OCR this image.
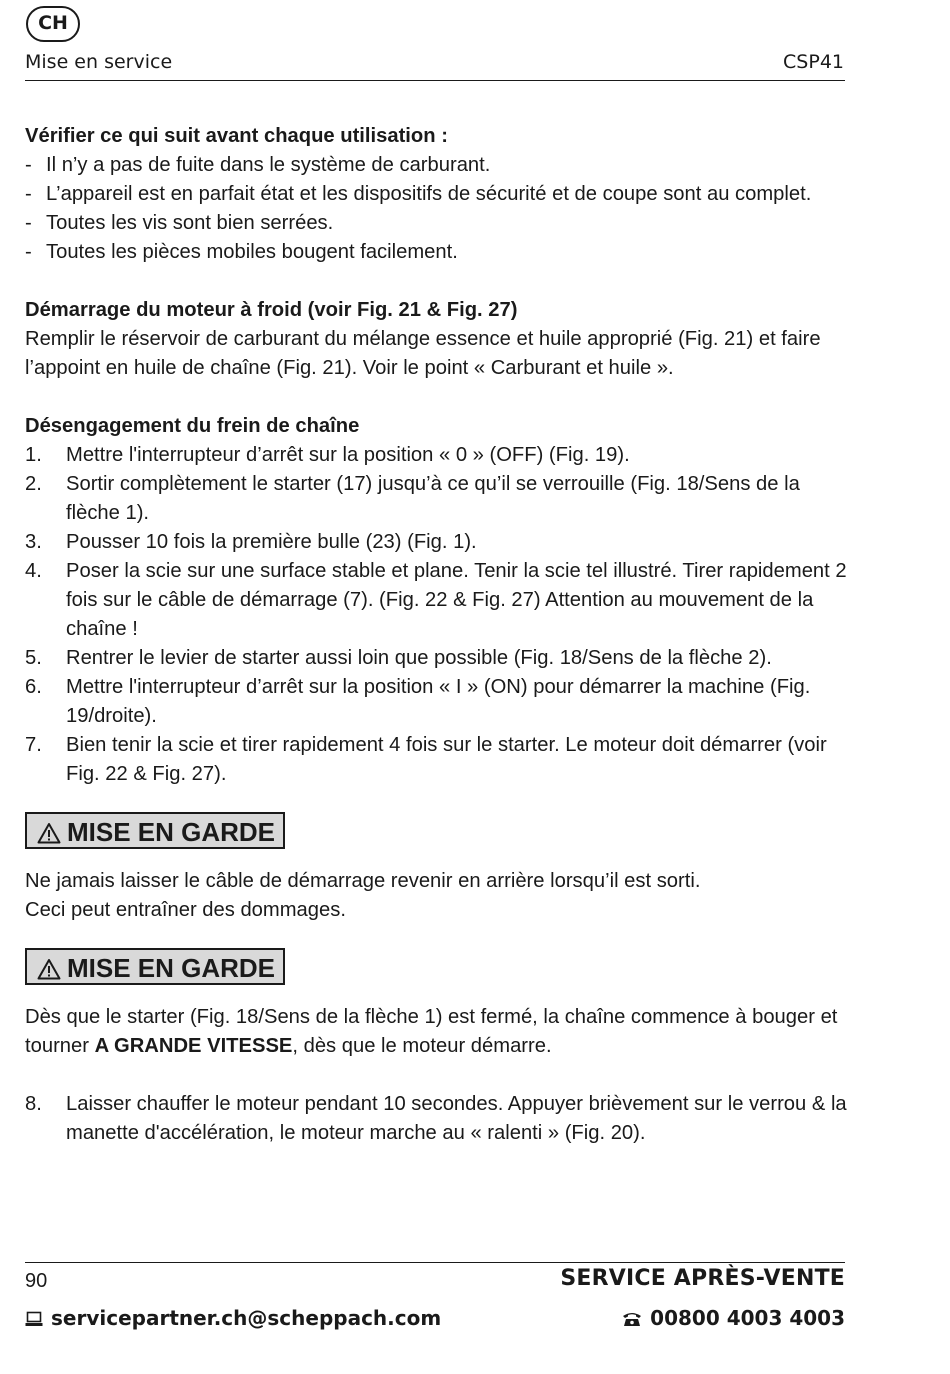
CH
Mise en service	CSP41

Vérifier ce qui suit avant chaque utilisation :

- Il n’y a pas de fuite dans le système de carburant.

- L’appareil est en parfait état et les dispositifs de sécurité et de coupe sont au complet.

- Toutes les vis sont bien serrées.

- Toutes les pièces mobiles bougent facilement.

Démarrage du moteur à froid (voir Fig. 21 & Fig. 27)

Remplir le réservoir de carburant du mélange essence et huile approprié (Fig. 21) et faire l’appoint en huile de chaîne (Fig. 21). Voir le point « Carburant et huile ».

Désengagement du frein de chaîne

1. Mettre l'interrupteur d’arrêt sur la position « 0 » (OFF) (Fig. 19).

2. Sortir complètement le starter (17) jusqu’à ce qu’il se verrouille (Fig. 18/Sens de la flèche 1).

3. Pousser 10 fois la première bulle (23) (Fig. 1).

4. Poser la scie sur une surface stable et plane. Tenir la scie tel illustré. Tirer rapidement 2 fois sur le câble de démarrage (7). (Fig. 22 & Fig. 27) Attention au mouvement de la chaîne !

5. Rentrer le levier de starter aussi loin que possible (Fig. 18/Sens de la flèche 2).

6. Mettre l'interrupteur d’arrêt sur la position « I » (ON) pour démarrer la machine (Fig. 19/droite).

7. Bien tenir la scie et tirer rapidement 4 fois sur le starter. Le moteur doit démarrer (voir Fig. 22 & Fig. 27).

MISE EN GARDE

Ne jamais laisser le câble de démarrage revenir en arrière lorsqu’il est sorti.

Ceci peut entraîner des dommages.

MISE EN GARDE

Dès que le starter (Fig. 18/Sens de la flèche 1) est fermé, la chaîne commence à bouger et tourner A GRANDE VITESSE, dès que le moteur démarre.

8. Laisser chauffer le moteur pendant 10 secondes. Appuyer brièvement sur le verrou & la manette d'accélération, le moteur marche au « ralenti » (Fig. 20).

90	SERVICE APRÈS-VENTE
servicepartner.ch@scheppach.com	00800 4003 4003
